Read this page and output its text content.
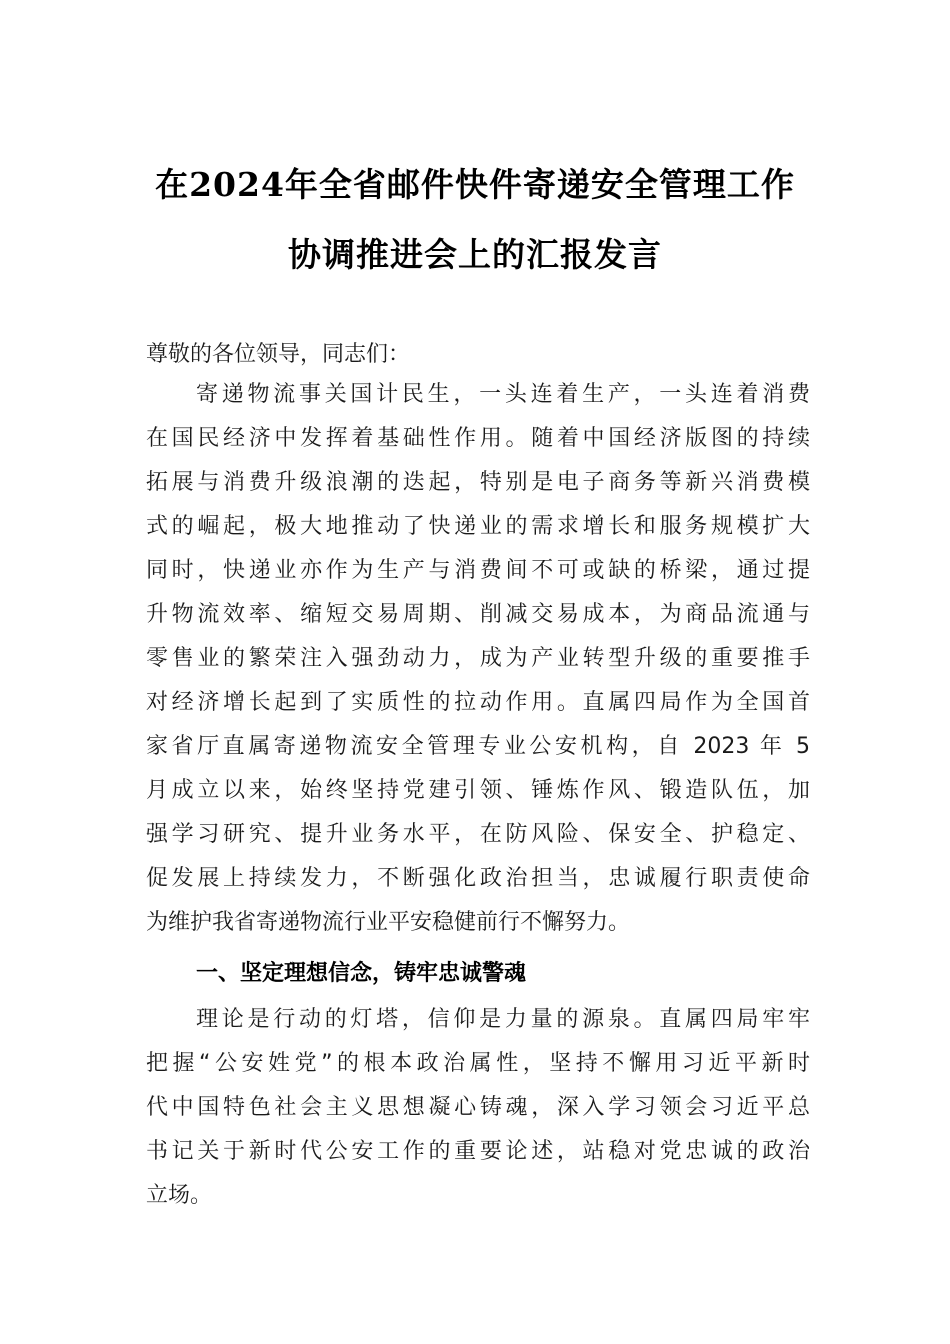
在2024年全省邮件快件寄递安全管理工作
协调推进会上的汇报发言
尊敬的各位领导，同志们：
寄递物流事关国计民生，一头连着生产，一头连着消费
在国民经济中发挥着基础性作用。随着中国经济版图的持续
拓展与消费升级浪潮的迭起，特别是电子商务等新兴消费模
式的崛起，极大地推动了快递业的需求增长和服务规模扩大
同时，快递业亦作为生产与消费间不可或缺的桥梁，通过提
升物流效率、缩短交易周期、削减交易成本，为商品流通与
零售业的繁荣注入强劲动力，成为产业转型升级的重要推手
对经济增长起到了实质性的拉动作用。直属四局作为全国首
家省厅直属寄递物流安全管理专业公安机构，自 2023 年 5
月成立以来，始终坚持党建引领、锤炼作风、锻造队伍，加
强学习研究、提升业务水平，在防风险、保安全、护稳定、
促发展上持续发力，不断强化政治担当，忠诚履行职责使命
为维护我省寄递物流行业平安稳健前行不懈努力。
一、坚定理想信念，铸牢忠诚警魂
理论是行动的灯塔，信仰是力量的源泉。直属四局牢牢
把握“公安姓党”的根本政治属性，坚持不懈用习近平新时
代中国特色社会主义思想凝心铸魂，深入学习领会习近平总
书记关于新时代公安工作的重要论述，站稳对党忠诚的政治
立场。
